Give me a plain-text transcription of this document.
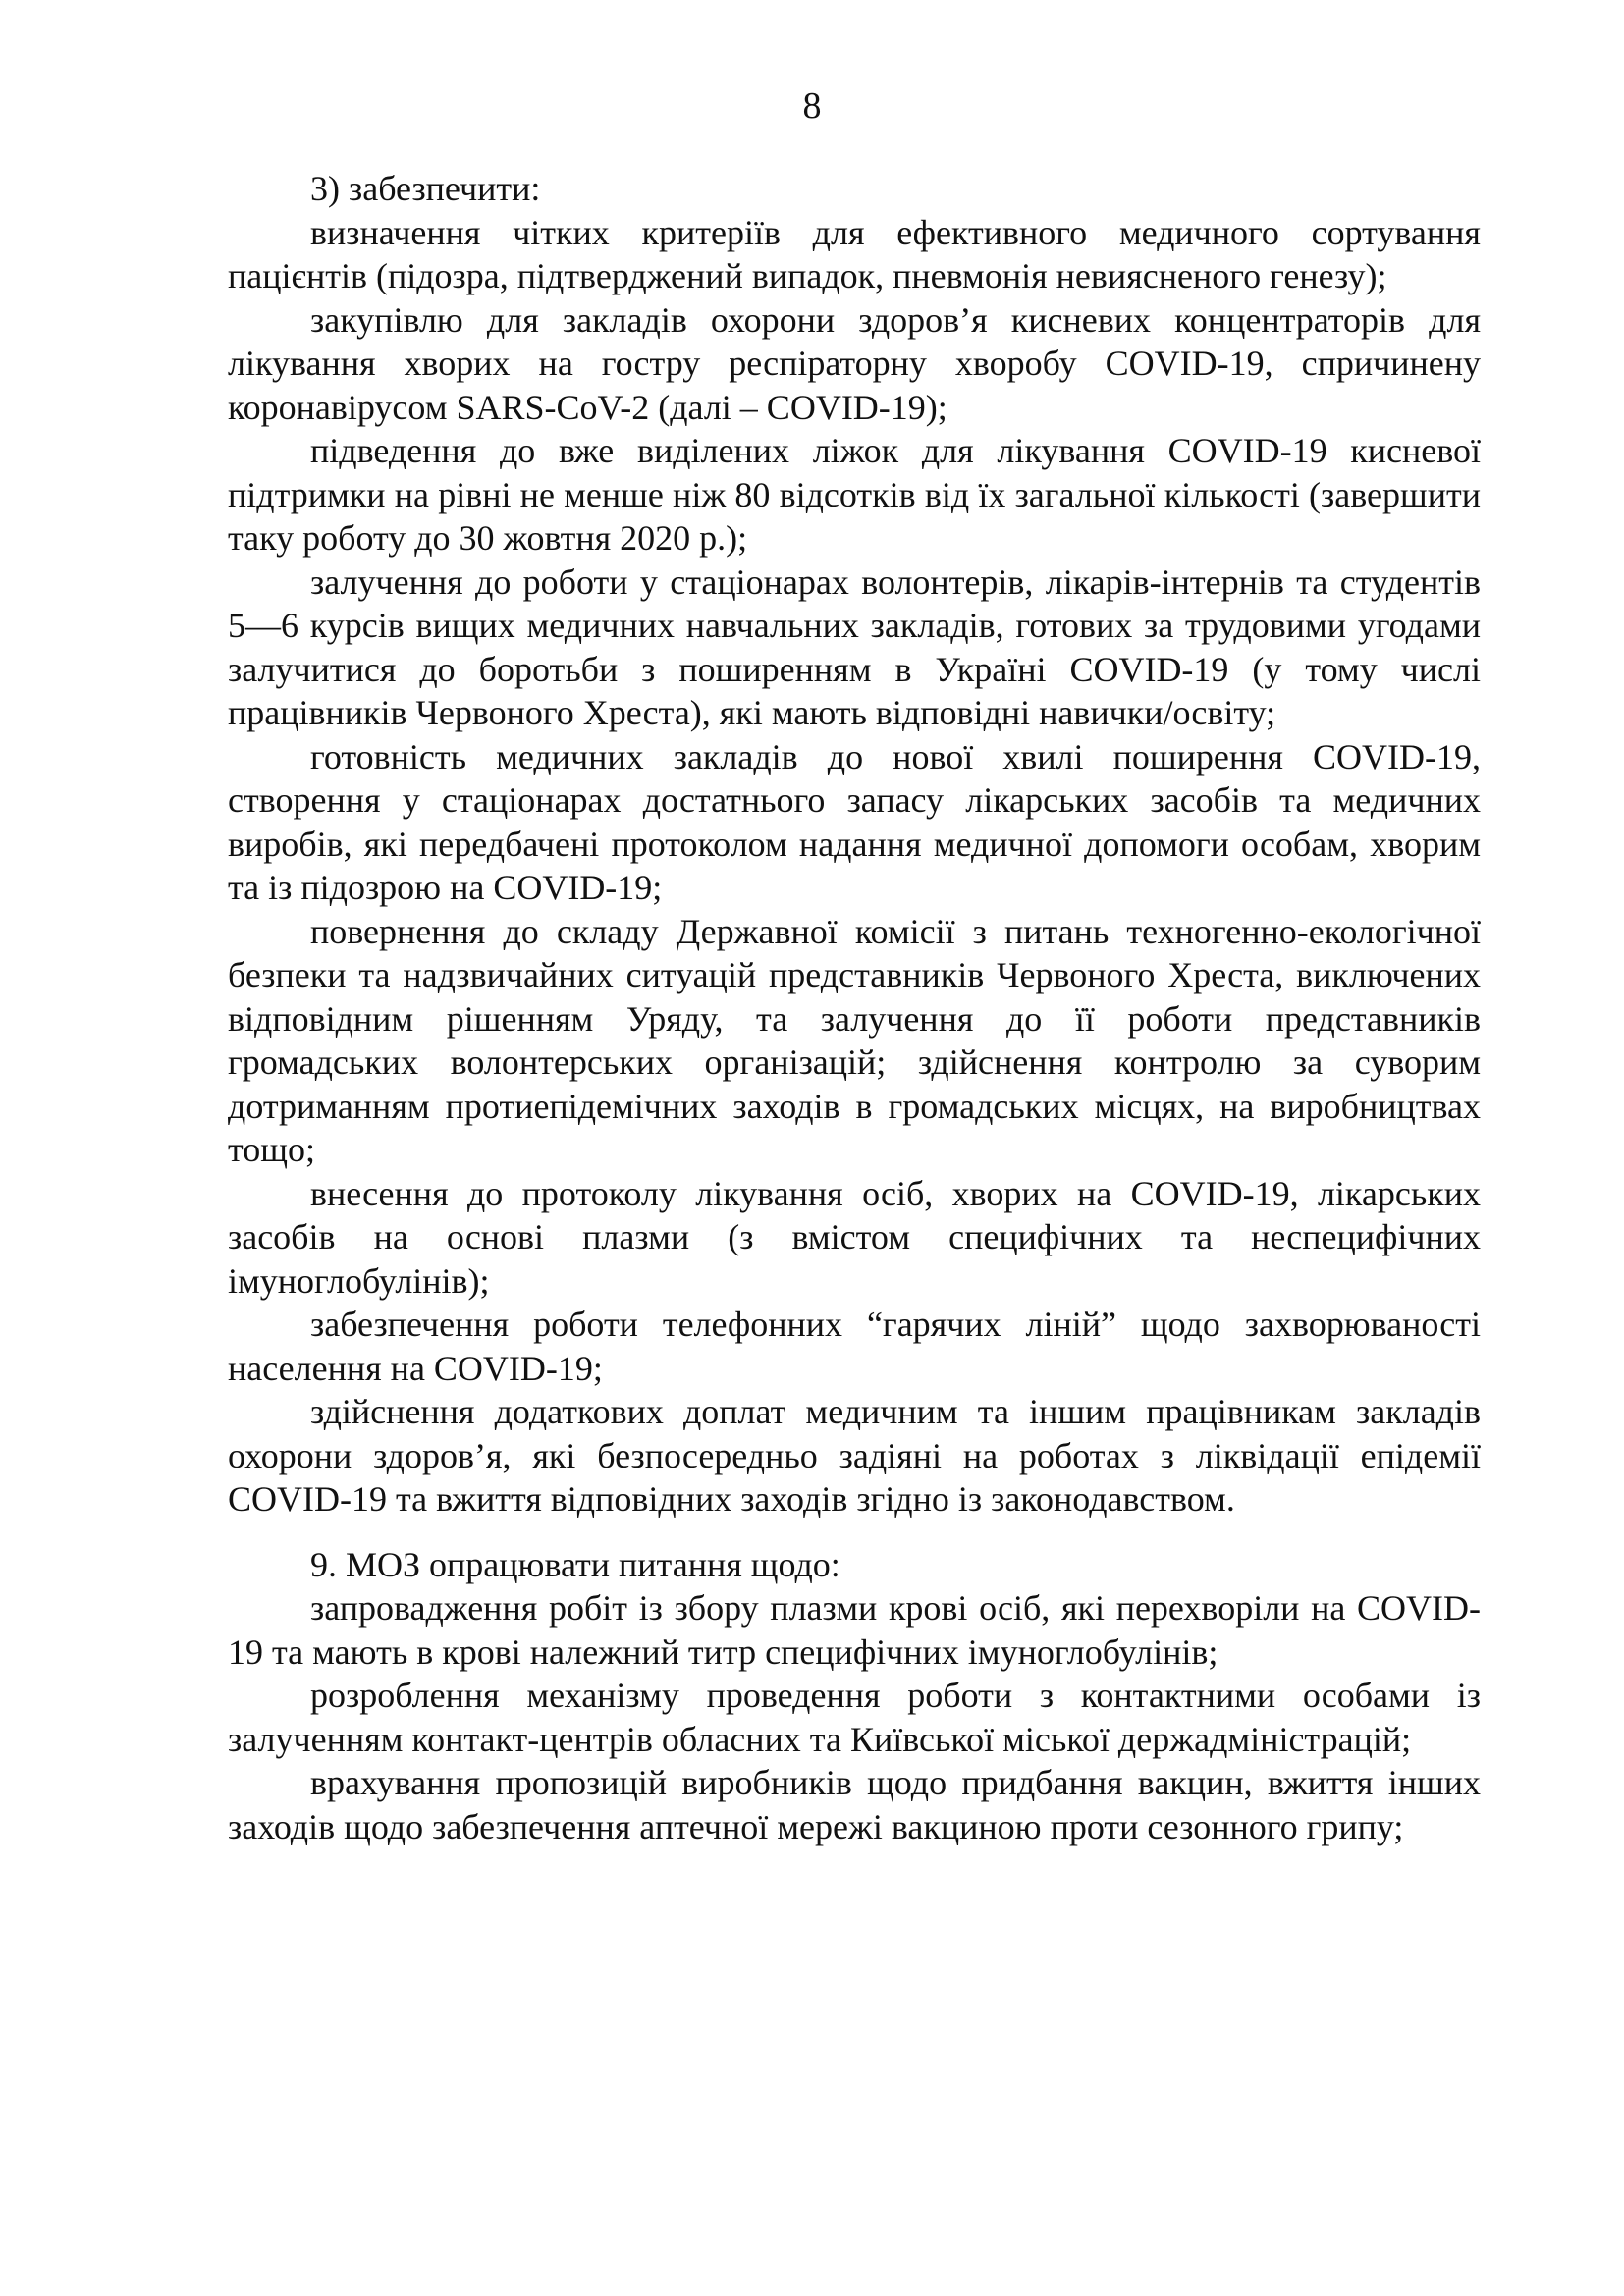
8

3) забезпечити:

визначення чітких критеріїв для ефективного медичного сортування пацієнтів (підозра, підтверджений випадок, пневмонія невиясненого генезу);

закупівлю для закладів охорони здоров’я кисневих концентраторів для лікування хворих на гостру респіраторну хворобу COVID-19, спричинену коронавірусом SARS-CoV-2 (далі – COVID-19);

підведення до вже виділених ліжок для лікування COVID-19 кисневої підтримки на рівні не менше ніж 80 відсотків від їх загальної кількості (завершити таку роботу до 30 жовтня 2020 р.);

залучення до роботи у стаціонарах волонтерів, лікарів-інтернів та студентів 5—6 курсів вищих медичних навчальних закладів, готових за трудовими угодами залучитися до боротьби з поширенням в Україні COVID-19 (у тому числі працівників Червоного Хреста), які мають відповідні навички/освіту;

готовність медичних закладів до нової хвилі поширення COVID-19, створення у стаціонарах достатнього запасу лікарських засобів та медичних виробів, які передбачені протоколом надання медичної допомоги особам, хворим та із підозрою на COVID-19;

повернення до складу Державної комісії з питань техногенно-екологічної безпеки та надзвичайних ситуацій представників Червоного Хреста, виключених відповідним рішенням Уряду, та залучення до її роботи представників громадських волонтерських організацій; здійснення контролю за суворим дотриманням протиепідемічних заходів в громадських місцях, на виробництвах тощо;

внесення до протоколу лікування осіб, хворих на COVID-19, лікарських засобів на основі плазми (з вмістом специфічних та неспецифічних імуноглобулінів);

забезпечення роботи телефонних “гарячих ліній” щодо захворюваності населення на COVID-19;

здійснення додаткових доплат медичним та іншим працівникам закладів охорони здоров’я, які безпосередньо задіяні на роботах з ліквідації епідемії COVID-19 та вжиття відповідних заходів згідно із законодавством.

9. МОЗ опрацювати питання щодо:

запровадження робіт із збору плазми крові осіб, які перехворіли на COVID-19 та мають в крові належний титр специфічних імуноглобулінів;

розроблення механізму проведення роботи з контактними особами із залученням контакт-центрів обласних та Київської міської держадміністрацій;

врахування пропозицій виробників щодо придбання вакцин, вжиття інших заходів щодо забезпечення аптечної мережі вакциною проти сезонного грипу;
